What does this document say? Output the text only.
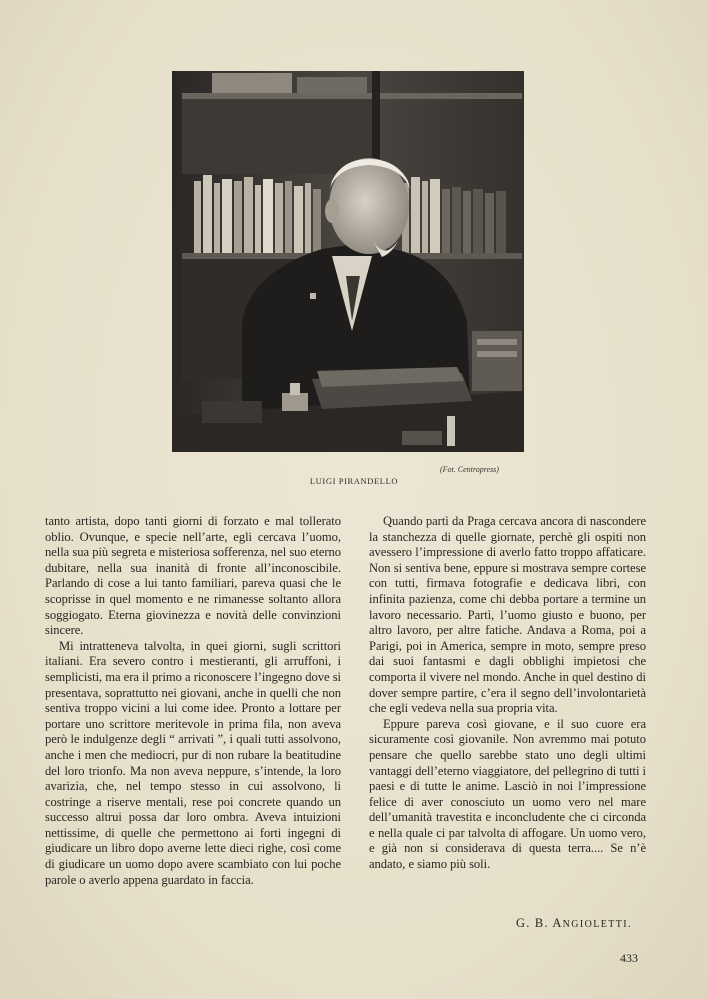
(Fot. Centropress)
LUIGI PIRANDELLO

tanto artista, dopo tanti giorni di forzato e mal tollerato oblio. Ovunque, e specie nell’arte, egli cercava l’uomo, nella sua più segreta e misteriosa sofferenza, nel suo eterno dubitare, nella sua inanità di fronte all’inconoscibile. Parlando di cose a lui tanto familiari, pareva quasi che le scoprisse in quel momento e ne rimanesse soltanto allora soggiogato. Eterna giovinezza e novità delle convinzioni sincere.

Mi intratteneva talvolta, in quei giorni, sugli scrittori italiani. Era severo contro i mestieranti, gli arruffoni, i semplicisti, ma era il primo a riconoscere l’ingegno dove si presentava, soprattutto nei giovani, anche in quelli che non sentiva troppo vicini a lui come idee. Pronto a lottare per portare uno scrittore meritevole in prima fila, non aveva però le indulgenze degli “ arrivati ”, i quali tutti assolvono, anche i men che mediocri, pur di non rubare la beatitudine del loro trionfo. Ma non aveva neppure, s’intende, la loro avarizia, che, nel tempo stesso in cui assolvono, li costringe a riserve mentali, rese poi concrete quando un successo altrui possa dar loro ombra. Aveva intuizioni nettissime, di quelle che permettono ai forti ingegni di giudicare un libro dopo averne lette dieci righe, così come di giudicare un uomo dopo avere scambiato con lui poche parole o averlo appena guardato in faccia.

Quando partì da Praga cercava ancora di nascondere la stanchezza di quelle giornate, perchè gli ospiti non avessero l’impressione di averlo fatto troppo affaticare. Non si sentiva bene, eppure si mostrava sempre cortese con tutti, firmava fotografie e dedicava libri, con infinita pazienza, come chi debba portare a termine un lavoro necessario. Partì, l’uomo giusto e buono, per altro lavoro, per altre fatiche. Andava a Roma, poi a Parigi, poi in America, sempre in moto, sempre preso dai suoi fantasmi e dagli obblighi impietosi che comporta il vivere nel mondo. Anche in quel destino di dover sempre partire, c’era il segno dell’involontarietà che egli vedeva nella sua propria vita.

Eppure pareva così giovane, e il suo cuore era sicuramente così giovanile. Non avremmo mai potuto pensare che quello sarebbe stato uno degli ultimi vantaggi dell’eterno viaggiatore, del pellegrino di tutti i paesi e di tutte le anime. Lasciò in noi l’impressione felice di aver conosciuto un uomo vero nel mare dell’umanità travestita e inconcludente che ci circonda e nella quale ci par talvolta di affogare. Un uomo vero, e già non si considerava di questa terra.... Se n’è andato, e siamo più soli.

G. B. ANGIOLETTI.
433
